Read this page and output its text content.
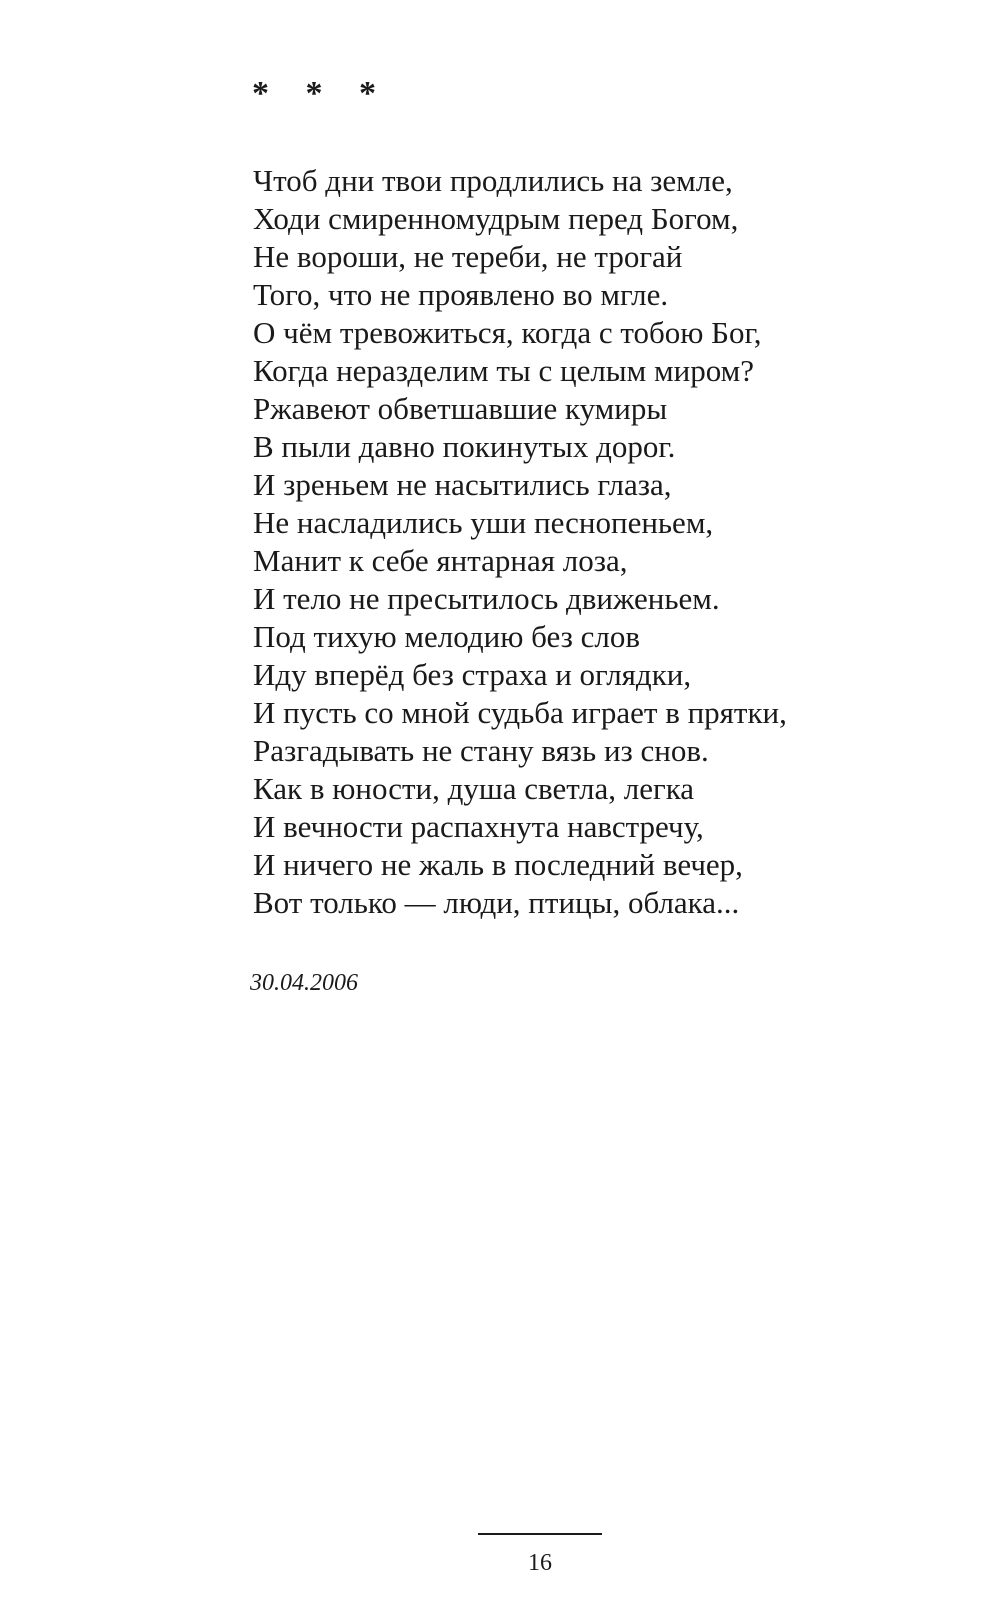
* * *
Чтоб дни твои продлились на земле,
Ходи смиренномудрым перед Богом,
Не вороши, не тереби, не трогай
Того, что не проявлено во мгле.
О чём тревожиться, когда с тобою Бог,
Когда неразделим ты с целым миром?
Ржавеют обветшавшие кумиры
В пыли давно покинутых дорог.
И зреньем не насытились глаза,
Не насладились уши песнопеньем,
Манит к себе янтарная лоза,
И тело не пресытилось движеньем.
Под тихую мелодию без слов
Иду вперёд без страха и оглядки,
И пусть со мной судьба играет в прятки,
Разгадывать не стану вязь из снов.
Как в юности, душа светла, легка
И вечности распахнута навстречу,
И ничего не жаль в последний вечер,
Вот только — люди, птицы, облака...
30.04.2006
16
